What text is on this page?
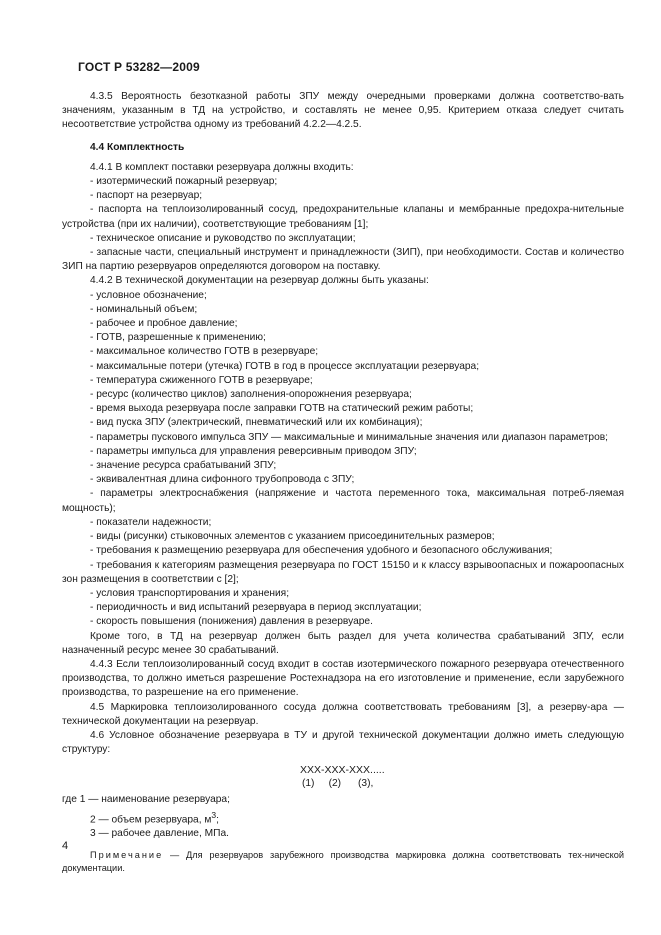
ГОСТ Р 53282—2009

4.3.5 Вероятность безотказной работы ЗПУ между очередными проверками должна соответство-вать значениям, указанным в ТД на устройство, и составлять не менее 0,95. Критерием отказа следует считать несоответствие устройства одному из требований 4.2.2—4.2.5.

4.4 Комплектность

4.4.1 В комплект поставки резервуара должны входить:

- изотермический пожарный резервуар;

- паспорт на резервуар;

- паспорта на теплоизолированный сосуд, предохранительные клапаны и мембранные предохра-нительные устройства (при их наличии), соответствующие требованиям [1];

- техническое описание и руководство по эксплуатации;

- запасные части, специальный инструмент и принадлежности (ЗИП), при необходимости. Состав и количество ЗИП на партию резервуаров определяются договором на поставку.

4.4.2 В технической документации на резервуар должны быть указаны:

- условное обозначение;

- номинальный объем;

- рабочее и пробное давление;

- ГОТВ, разрешенные к применению;

- максимальное количество ГОТВ в резервуаре;

- максимальные потери (утечка) ГОТВ в год в процессе эксплуатации резервуара;

- температура сжиженного ГОТВ в резервуаре;

- ресурс (количество циклов) заполнения-опорожнения резервуара;

- время выхода резервуара после заправки ГОТВ на статический режим работы;

- вид пуска ЗПУ (электрический, пневматический или их комбинация);

- параметры пускового импульса ЗПУ — максимальные и минимальные значения или диапазон параметров;

- параметры импульса для управления реверсивным приводом ЗПУ;

- значение ресурса срабатываний ЗПУ;

- эквивалентная длина сифонного трубопровода с ЗПУ;

- параметры электроснабжения (напряжение и частота переменного тока, максимальная потреб-ляемая мощность);

- показатели надежности;

- виды (рисунки) стыковочных элементов с указанием присоединительных размеров;

- требования к размещению резервуара для обеспечения удобного и безопасного обслуживания;

- требования к категориям размещения резервуара по ГОСТ 15150 и к классу взрывоопасных и пожароопасных зон размещения в соответствии с [2];

- условия транспортирования и хранения;

- периодичность и вид испытаний резервуара в период эксплуатации;

- скорость повышения (понижения) давления в резервуаре.

Кроме того, в ТД на резервуар должен быть раздел для учета количества срабатываний ЗПУ, если назначенный ресурс менее 30 срабатываний.

4.4.3 Если теплоизолированный сосуд входит в состав изотермического пожарного резервуара отечественного производства, то должно иметься разрешение Ростехнадзора на его изготовление и применение, если зарубежного производства, то разрешение на его применение.

4.5 Маркировка теплоизолированного сосуда должна соответствовать требованиям [3], а резерву-ара — технической документации на резервуар.

4.6 Условное обозначение резервуара в ТУ и другой технической документации должно иметь следующую структуру:

XXX-XXX-XXX.....
(1)     (2)      (3),

где 1 — наименование резервуара;

2 — объем резервуара, $м^3$;

3 — рабочее давление, МПа.

Примечание — Для резервуаров зарубежного производства маркировка должна соответствовать тех-нической документации.

4
